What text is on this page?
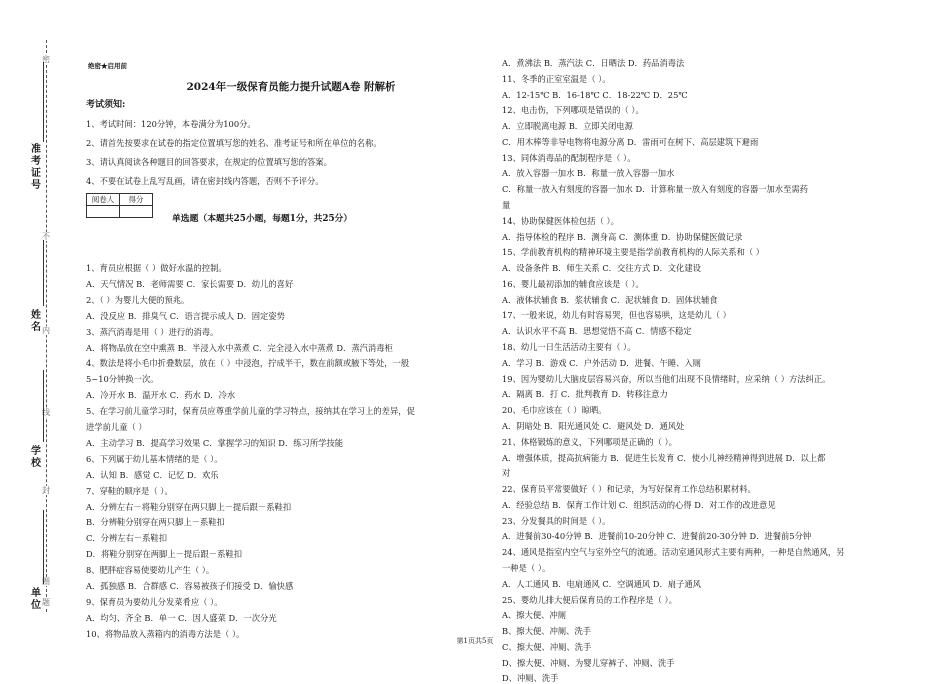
密
不
内
线
封
圈
题
准考证号
姓名
学校
单位
绝密★启用前
2024年一级保育员能力提升试题A卷 附解析
考试须知:
1、考试时间：120分钟，本卷满分为100分。
2、请首先按要求在试卷的指定位置填写您的姓名、准考证号和所在单位的名称。
3、请认真阅读各种题目的回答要求，在规定的位置填写您的答案。
4、不要在试卷上乱写乱画，请在密封线内答题，否则不予评分。
阅卷人	得分

单选题（本题共25小题，每题1分，共25分）
1、育员应根据（ ）做好水温的控制。
A．天气情况 B．老师需要 C．家长需要 D．幼儿的喜好
2、（ ）为婴儿大便的预兆。
A．没反应 B．排臭气 C．语言提示成人 D．固定姿势
3、蒸汽消毒是用（ ）进行的消毒。
A．将物品放在空中熏蒸 B．半浸入水中蒸煮 C．完全浸入水中蒸煮 D．蒸汽消毒柜
4、数法是将小毛巾折叠数层，放在（ ）中浸泡，拧成半干，数在前额或腋下等处，一般
5~10分钟换一次。
A．冷开水 B．温开水 C．药水 D．冷水
5、在学习前儿童学习时，保育员应尊重学前儿童的学习特点，接纳其在学习上的差异，促
进学前儿童（ ）
A．主动学习 B．提高学习效果 C．掌握学习的知识 D．练习所学技能
6、下列属于幼儿基本情绪的是（ ）。
A．认知 B．感觉 C．记忆 D．欢乐
7、穿鞋的顺序是（ ）。
A．分辨左右－将鞋分别穿在两只脚上－提后跟－系鞋扣
B．分辨鞋分别穿在两只脚上－系鞋扣
C．分辨左右－系鞋扣
D．将鞋分别穿在两脚上－提后跟－系鞋扣
8、肥胖症容易使要幼儿产生（ ）。
A．孤独感 B．合群感 C．容易被孩子们接受 D．愉快感
9、保育员为要幼儿分发菜肴应（ ）。
A．均匀、齐全 B．单一 C．因人盛菜 D．一次分光
10、将物品放入蒸箱内的消毒方法是（ ）。
A．煮沸法 B．蒸汽法 C．日晒法 D．药品消毒法
11、冬季的正室室温是（ ）。
A．12-15℃ B．16-18℃ C．18-22℃ D．25℃
12、电击伤，下列哪项是错误的（ ）。
A．立即脱离电源 B．立即关闭电源
C．用木棒等非导电物将电源分离 D．雷雨可在树下、高层建筑下避雨
13、同体消毒品的配制程序是（ ）。
A．放入容器一加水 B．称量一放入容器一加水
C．称量一放入有刻度的容器一加水 D．计算称量一放入有刻度的容器一加水至需药
量
14、协助保健医体检包括（ ）。
A．指导体检的程序 B．测身高 C．测体重 D．协助保健医做记录
15、学前教育机构的精神环境主要是指学前教育机构的人际关系和（ ）
A．设备条件 B．师生关系 C．交往方式 D．文化建设
16、婴儿最初添加的辅食应该是（ ）。
A．液体状辅食 B．浆状辅食 C．泥状辅食 D．固体状辅食
17、一般来说，幼儿有时容易哭，但也容易哄，这是幼儿（ ）
A．认识水平不高 B．思想觉悟不高 C．情感不稳定
18、幼儿一日生活活动主要有（ ）。
A．学习 B．游戏 C．户外活动 D．进餐、午睡、入厕
19、因为婴幼儿大脑皮层容易兴奋，所以当他们出现不良情绪时，应采纳（ ）方法纠正。
A．隔离 B．打 C．批判教育 D．转移注意力
20、毛巾应该在（ ）晾晒。
A．阴暗处 B．阳光通风处 C．避风处 D．通风处
21、体格锻炼的意义，下列哪项是正确的（ ）。
A．增强体质，提高抗病能力 B．促进生长发育 C．使小儿神经精神得到进展 D．以上都
对
22、保育员平常要做好（ ）和记录，为写好保育工作总结积累材料。
A．经验总结 B．保育工作计划 C．组织活动的心得 D．对工作的改进意见
23、分发餐具的时间是（ ）。
A．进餐前30-40分钟 B．进餐前10-20分钟 C．进餐前20-30分钟 D．进餐前5分钟
24、通风是指室内空气与室外空气的流通。活动室通风形式主要有两种，一种是自然通风，另
一种是（ ）。
A．人工通风 B．电扇通风 C．空调通风 D．扇子通风
25、婴幼儿排大便后保育员的工作程序是（ ）。
A、擦大便、冲厕
B、擦大便、冲厕、洗手
C、擦大便、冲厕、洗手
D、擦大便、冲厕、为婴儿穿裤子、冲厕、洗手
D、冲厕、洗手
第1页共5页
